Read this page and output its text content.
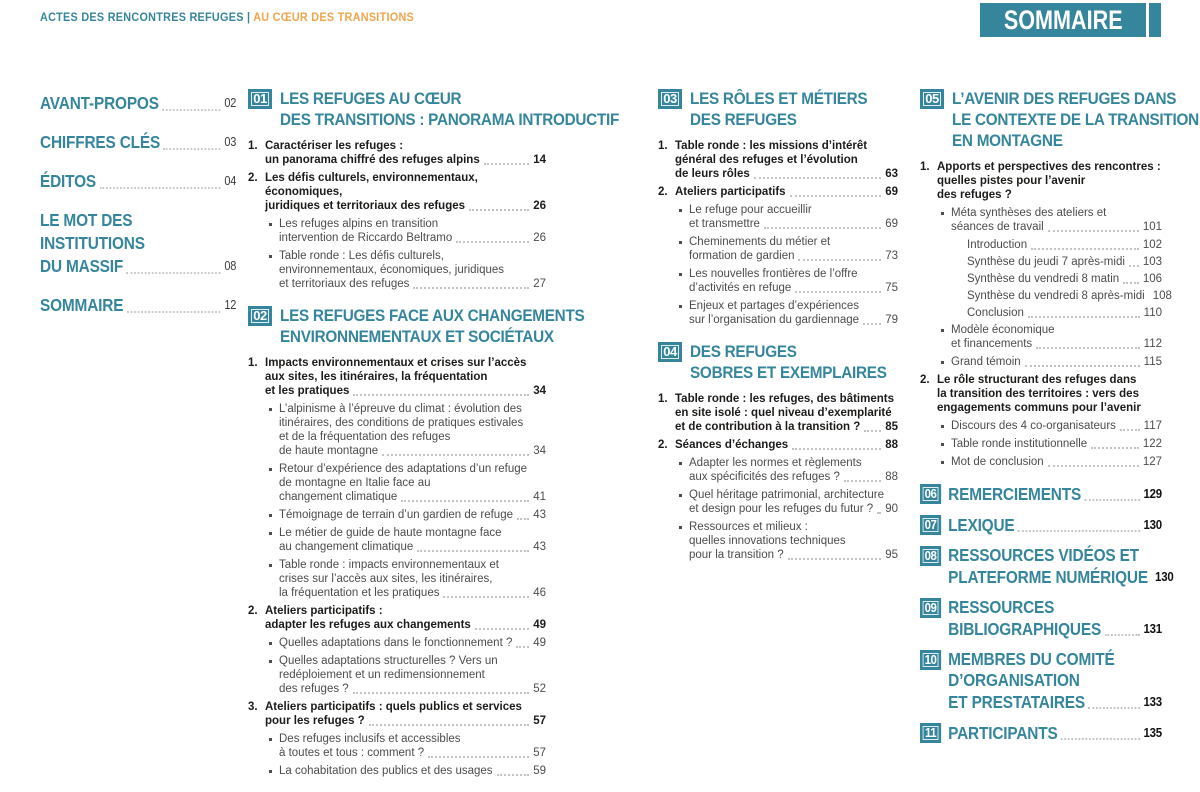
ACTES DES RENCONTRES REFUGES | AU CŒUR DES TRANSITIONS	SOMMAIRE
AVANT-PROPOS	02
CHIFFRES CLÉS	03
ÉDITOS	04
LE MOT DES INSTITUTIONS
DU MASSIF	08
SOMMAIRE	12
01 LES REFUGES AU CŒUR
DES TRANSITIONS : PANORAMA INTRODUCTIF
1. Caractériser les refuges :
un panorama chiffré des refuges alpins	14
2. Les défis culturels, environnementaux, économiques,
juridiques et territoriaux des refuges	26
Les refuges alpins en transition
intervention de Riccardo Beltramo	26
Table ronde : Les défis culturels,
environnementaux, économiques, juridiques
et territoriaux des refuges	27
02 LES REFUGES FACE AUX CHANGEMENTS
ENVIRONNEMENTAUX ET SOCIÉTAUX
1. Impacts environnementaux et crises sur l’accès
aux sites, les itinéraires, la fréquentation
et les pratiques	34
L’alpinisme à l’épreuve du climat : évolution des
itinéraires, des conditions de pratiques estivales
et de la fréquentation des refuges
de haute montagne	34
Retour d’expérience des adaptations d’un refuge
de montagne en Italie face au
changement climatique	41
Témoignage de terrain d’un gardien de refuge 43
Le métier de guide de haute montagne face
au changement climatique	43
Table ronde : impacts environnementaux et
crises sur l’accès aux sites, les itinéraires,
la fréquentation et les pratiques	46
2. Ateliers participatifs :
adapter les refuges aux changements	49
Quelles adaptations dans le fonctionnement ? 49
Quelles adaptations structurelles ? Vers un
redéploiement et un redimensionnement
des refuges ?	52
3. Ateliers participatifs : quels publics et services
pour les refuges ?	57
Des refuges inclusifs et accessibles
à toutes et tous : comment ?	57
La cohabitation des publics et des usages	59
03 LES RÔLES ET MÉTIERS
DES REFUGES
1. Table ronde : les missions d’intérêt
général des refuges et l’évolution
de leurs rôles	63
2. Ateliers participatifs	69
Le refuge pour accueillir
et transmettre	69
Cheminements du métier et
formation de gardien	73
Les nouvelles frontières de l’offre
d’activités en refuge	75
Enjeux et partages d’expériences
sur l’organisation du gardiennage 79
04 DES REFUGES
SOBRES ET EXEMPLAIRES
1. Table ronde : les refuges, des bâtiments
en site isolé : quel niveau d’exemplarité
et de contribution à la transition ? 85
2. Séances d’échanges	88
Adapter les normes et règlements
aux spécificités des refuges ?	88
Quel héritage patrimonial, architecture
et design pour les refuges du futur ? 90
Ressources et milieux :
quelles innovations techniques
pour la transition ?	95
05 L’AVENIR DES REFUGES DANS
LE CONTEXTE DE LA TRANSITION
EN MONTAGNE
1. Apports et perspectives des rencontres :
quelles pistes pour l’avenir
des refuges ?
Méta synthèses des ateliers et
séances de travail	101
Introduction	102
Synthèse du jeudi 7 après-midi 103
Synthèse du vendredi 8 matin 106
Synthèse du vendredi 8 après-midi 108
Conclusion	110
Modèle économique
et financements	112
Grand témoin	115
2. Le rôle structurant des refuges dans
la transition des territoires : vers des
engagements communs pour l’avenir
Discours des 4 co-organisateurs 117
Table ronde institutionnelle	122
Mot de conclusion	127
06 REMERCIEMENTS	129
07 LEXIQUE	130
08 RESSOURCES VIDÉOS ET
PLATEFORME NUMÉRIQUE 130
09 RESSOURCES
BIBLIOGRAPHIQUES	131
10 MEMBRES DU COMITÉ
D’ORGANISATION
ET PRESTATAIRES	133
11 PARTICIPANTS	135
